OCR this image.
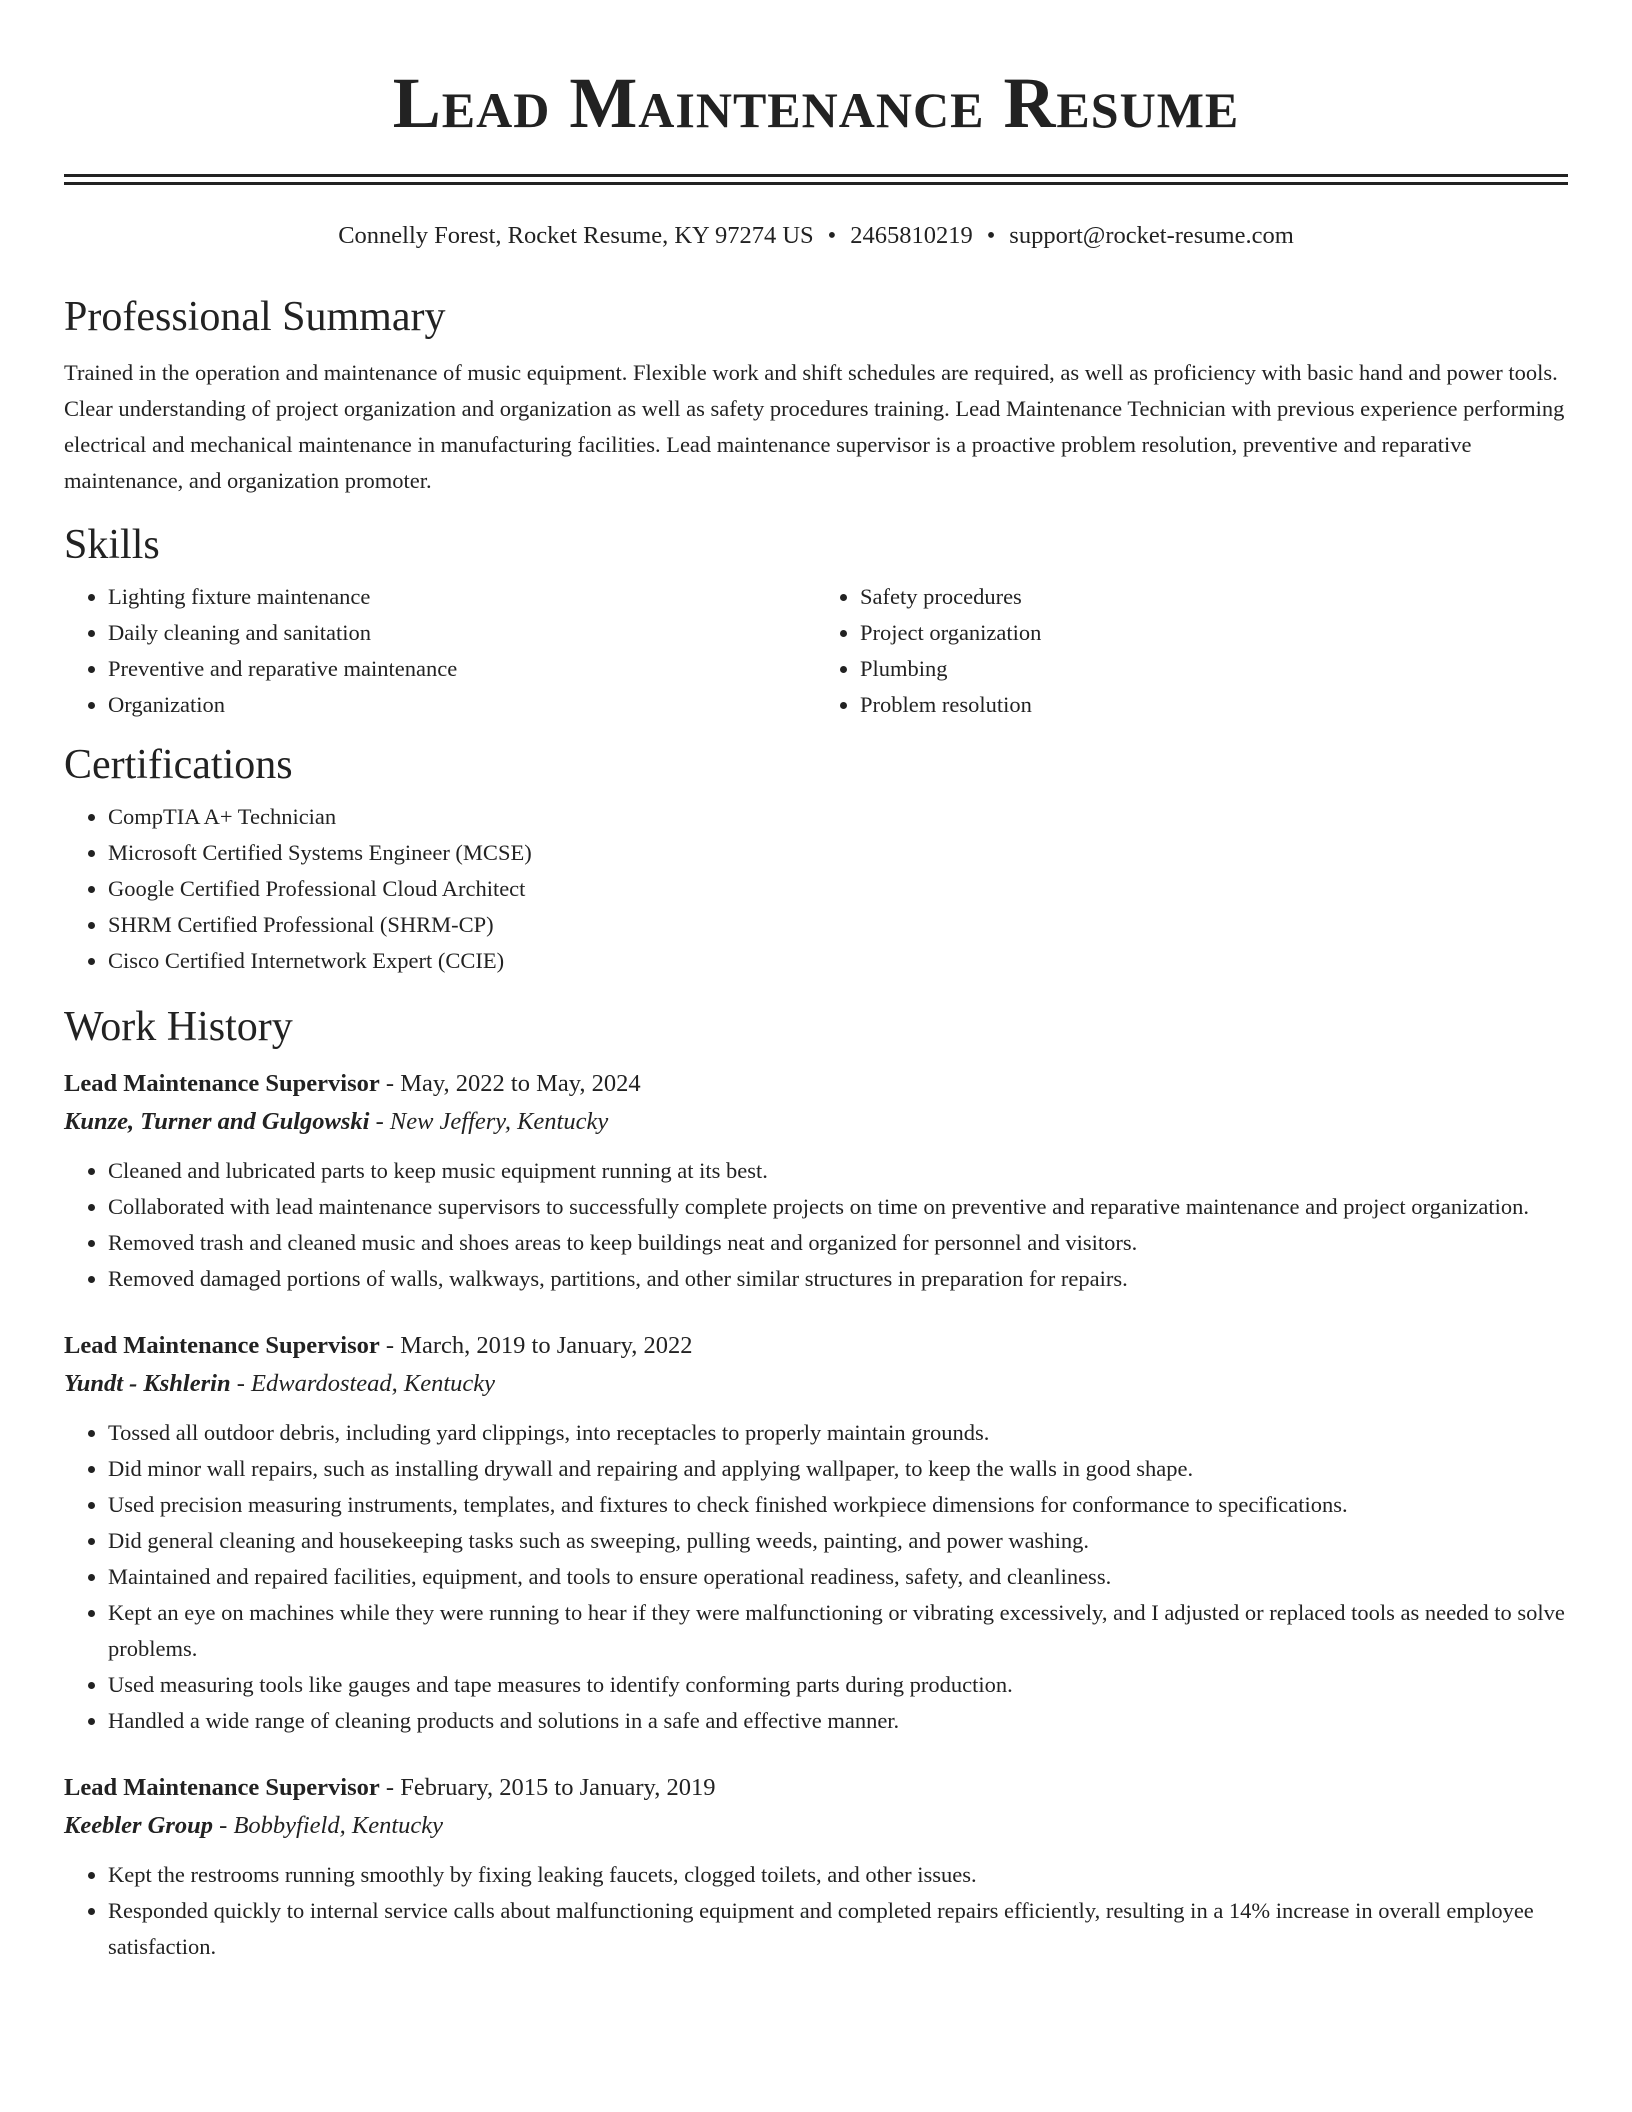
Lead Maintenance Resume
Connelly Forest, Rocket Resume, KY 97274 US • 2465810219 • support@rocket-resume.com
Professional Summary

Trained in the operation and maintenance of music equipment. Flexible work and shift schedules are required, as well as proficiency with basic hand and power tools. Clear understanding of project organization and organization as well as safety procedures training. Lead Maintenance Technician with previous experience performing electrical and mechanical maintenance in manufacturing facilities. Lead maintenance supervisor is a proactive problem resolution, preventive and reparative maintenance, and organization promoter.

Skills
• Lighting fixture maintenance
• Daily cleaning and sanitation
• Preventive and reparative maintenance
• Organization
• Safety procedures
• Project organization
• Plumbing
• Problem resolution
Certifications
• CompTIA A+ Technician
• Microsoft Certified Systems Engineer (MCSE)
• Google Certified Professional Cloud Architect
• SHRM Certified Professional (SHRM-CP)
• Cisco Certified Internetwork Expert (CCIE)
Work History
Lead Maintenance Supervisor - May, 2022 to May, 2024
Kunze, Turner and Gulgowski - New Jeffery, Kentucky
• Cleaned and lubricated parts to keep music equipment running at its best.
• Collaborated with lead maintenance supervisors to successfully complete projects on time on preventive and reparative maintenance and project organization.
• Removed trash and cleaned music and shoes areas to keep buildings neat and organized for personnel and visitors.
• Removed damaged portions of walls, walkways, partitions, and other similar structures in preparation for repairs.
Lead Maintenance Supervisor - March, 2019 to January, 2022
Yundt - Kshlerin - Edwardostead, Kentucky
• Tossed all outdoor debris, including yard clippings, into receptacles to properly maintain grounds.
• Did minor wall repairs, such as installing drywall and repairing and applying wallpaper, to keep the walls in good shape.
• Used precision measuring instruments, templates, and fixtures to check finished workpiece dimensions for conformance to specifications.
• Did general cleaning and housekeeping tasks such as sweeping, pulling weeds, painting, and power washing.
• Maintained and repaired facilities, equipment, and tools to ensure operational readiness, safety, and cleanliness.
• Kept an eye on machines while they were running to hear if they were malfunctioning or vibrating excessively, and I adjusted or replaced tools as needed to solve problems.
• Used measuring tools like gauges and tape measures to identify conforming parts during production.
• Handled a wide range of cleaning products and solutions in a safe and effective manner.
Lead Maintenance Supervisor - February, 2015 to January, 2019
Keebler Group - Bobbyfield, Kentucky
• Kept the restrooms running smoothly by fixing leaking faucets, clogged toilets, and other issues.
• Responded quickly to internal service calls about malfunctioning equipment and completed repairs efficiently, resulting in a 14% increase in overall employee satisfaction.
